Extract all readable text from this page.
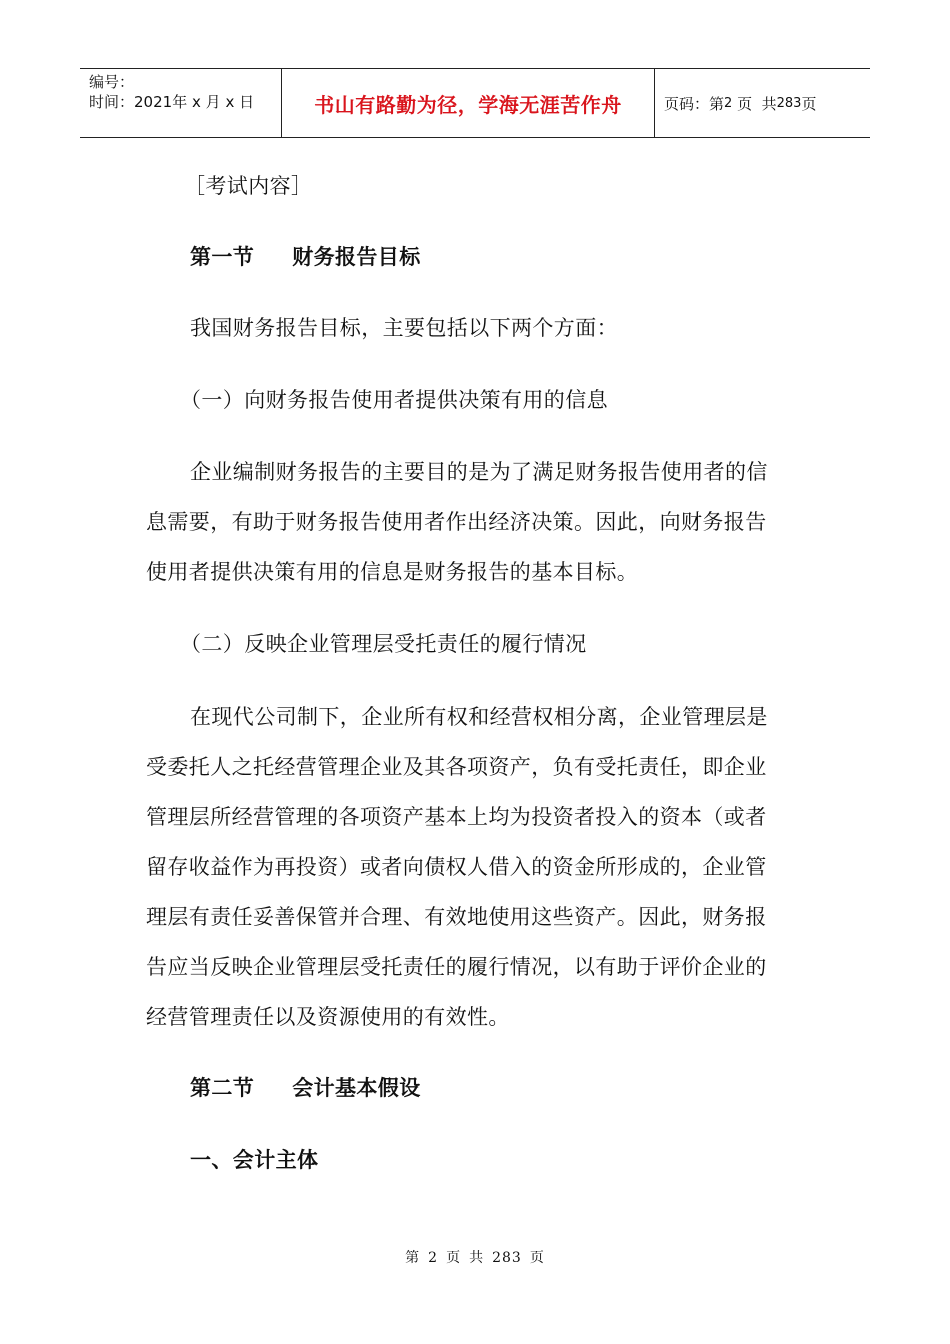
编号：
时间：2021年 x 月 x 日	书山有路勤为径，学海无涯苦作舟	页码：第 2
页  共 283 页
［考试内容］
第一节 财务报告目标
我国财务报告目标，主要包括以下两个方面：
（一）向财务报告使用者提供决策有用的信息
企业编制财务报告的主要目的是为了满足财务报告使用者的信
息需要，有助于财务报告使用者作出经济决策。因此，向财务报告
使用者提供决策有用的信息是财务报告的基本目标。
（二）反映企业管理层受托责任的履行情况
在现代公司制下，企业所有权和经营权相分离，企业管理层是
受委托人之托经营管理企业及其各项资产，负有受托责任，即企业
管理层所经营管理的各项资产基本上均为投资者投入的资本（或者
留存收益作为再投资）或者向债权人借入的资金所形成的，企业管
理层有责任妥善保管并合理、有效地使用这些资产。因此，财务报
告应当反映企业管理层受托责任的履行情况，以有助于评价企业的
经营管理责任以及资源使用的有效性。
第二节 会计基本假设
一、会计主体
第 2 页 共 283 页
